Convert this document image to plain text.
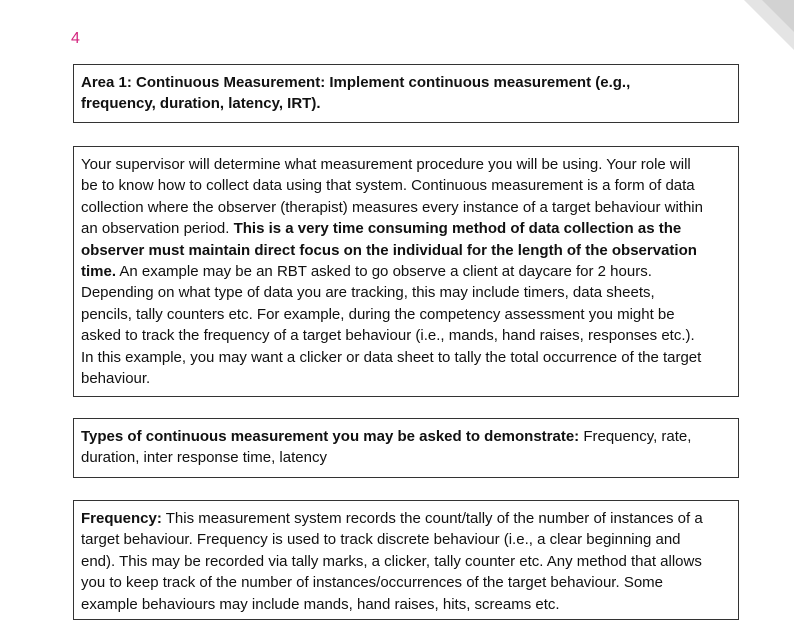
4
Area 1: Continuous Measurement: Implement continuous measurement (e.g.,
frequency, duration, latency, IRT).
Your supervisor will determine what measurement procedure you will be using. Your role will
be to know how to collect data using that system. Continuous measurement is a form of data
collection where the observer (therapist) measures every instance of a target behaviour within
an observation period. This is a very time consuming method of data collection as the
observer must maintain direct focus on the individual for the length of the observation
time. An example may be an RBT asked to go observe a client at daycare for 2 hours.
Depending on what type of data you are tracking, this may include timers, data sheets,
pencils, tally counters etc. For example, during the competency assessment you might be
asked to track the frequency of a target behaviour (i.e., mands, hand raises, responses etc.).
In this example, you may want a clicker or data sheet to tally the total occurrence of the target
behaviour.
Types of continuous measurement you may be asked to demonstrate: Frequency, rate,
duration, inter response time, latency
Frequency: This measurement system records the count/tally of the number of instances of a
target behaviour. Frequency is used to track discrete behaviour (i.e., a clear beginning and
end). This may be recorded via tally marks, a clicker, tally counter etc. Any method that allows
you to keep track of the number of instances/occurrences of the target behaviour. Some
example behaviours may include mands, hand raises, hits, screams etc.
